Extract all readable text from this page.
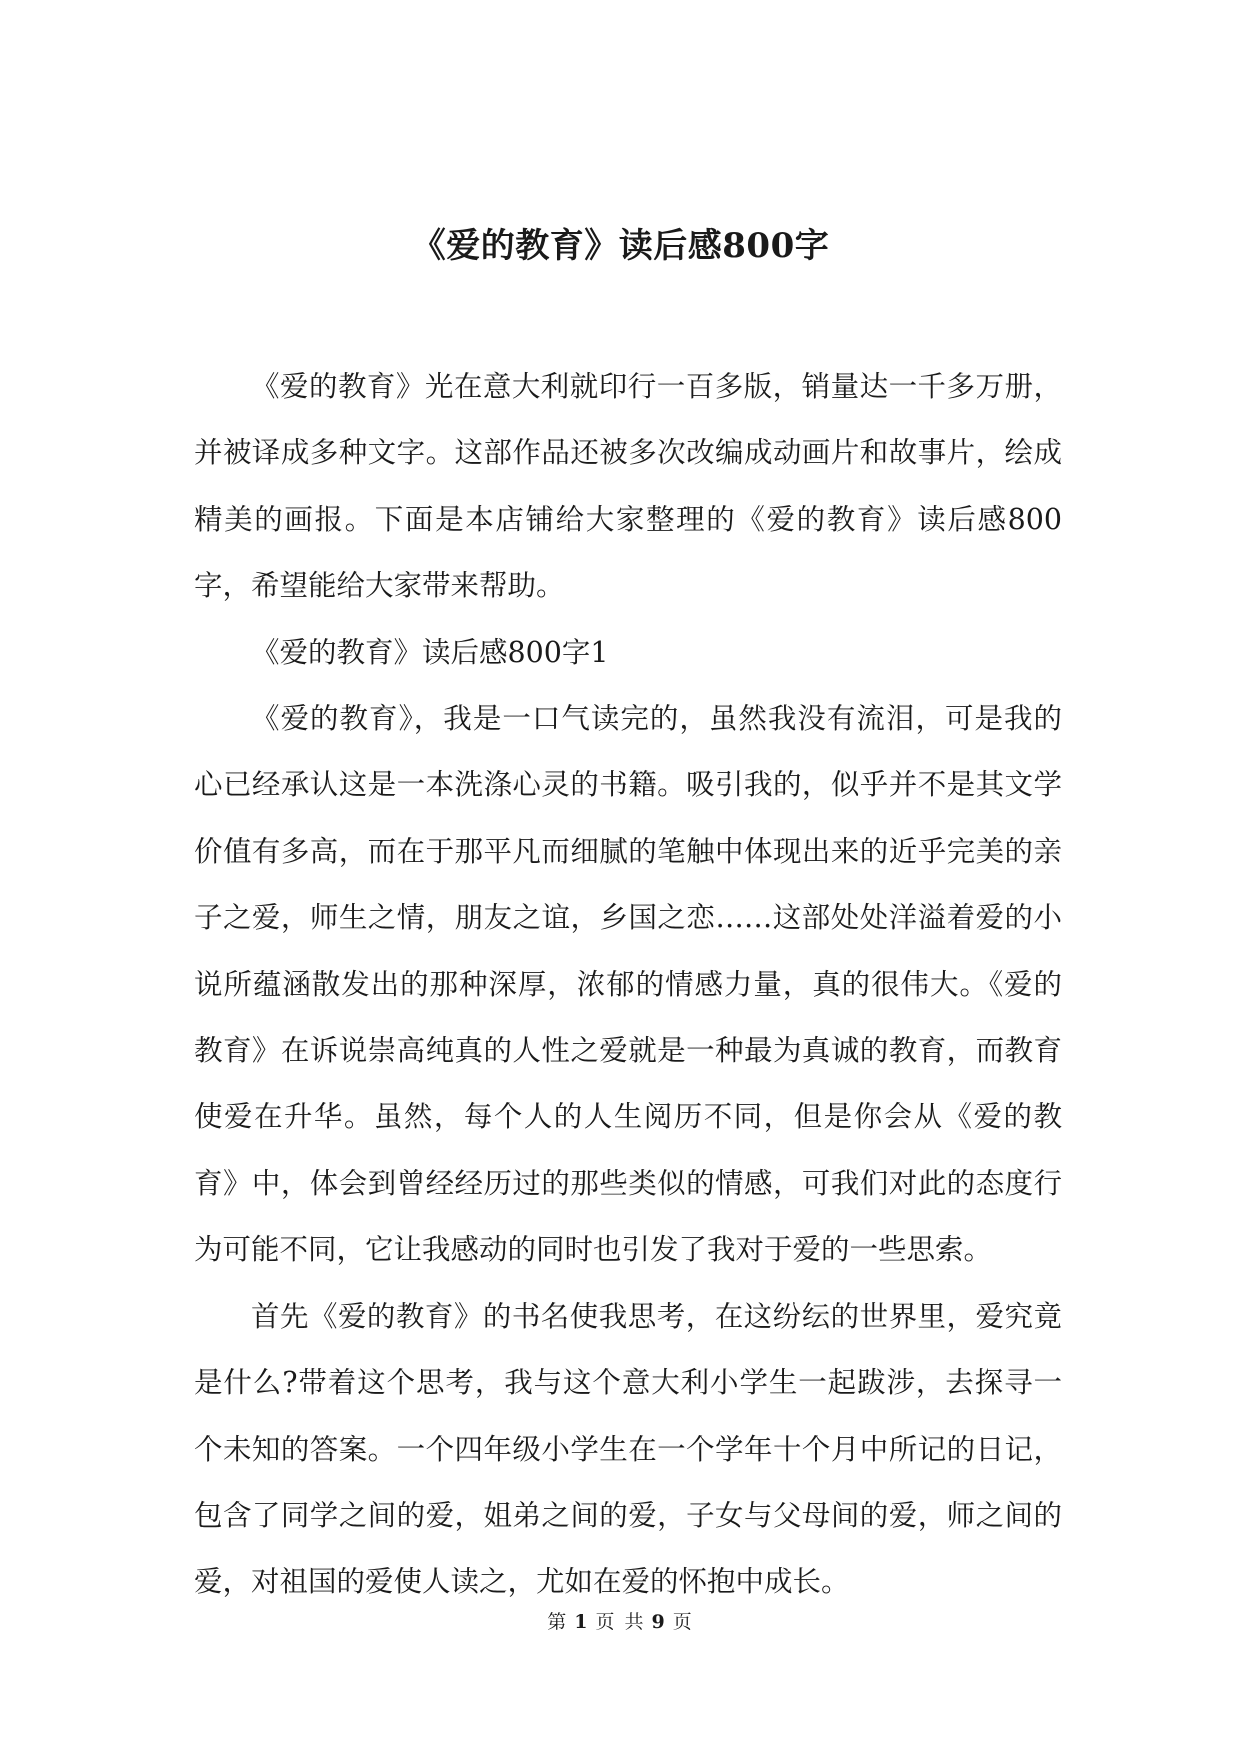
《爱的教育》读后感800字

《爱的教育》光在意大利就印行一百多版，销量达一千多万册，并被译成多种文字。这部作品还被多次改编成动画片和故事片，绘成精美的画报。下面是本店铺给大家整理的《爱的教育》读后感800字，希望能给大家带来帮助。

《爱的教育》读后感800字1

《爱的教育》，我是一口气读完的，虽然我没有流泪，可是我的心已经承认这是一本洗涤心灵的书籍。吸引我的，似乎并不是其文学价值有多高，而在于那平凡而细腻的笔触中体现出来的近乎完美的亲子之爱，师生之情，朋友之谊，乡国之恋……这部处处洋溢着爱的小说所蕴涵散发出的那种深厚，浓郁的情感力量，真的很伟大。《爱的教育》在诉说崇高纯真的人性之爱就是一种最为真诚的教育，而教育使爱在升华。虽然，每个人的人生阅历不同，但是你会从《爱的教育》中，体会到曾经经历过的那些类似的情感，可我们对此的态度行为可能不同，它让我感动的同时也引发了我对于爱的一些思索。

首先《爱的教育》的书名使我思考，在这纷纭的世界里，爱究竟是什么?带着这个思考，我与这个意大利小学生一起跋涉，去探寻一个未知的答案。一个四年级小学生在一个学年十个月中所记的日记，包含了同学之间的爱，姐弟之间的爱，子女与父母间的爱，师之间的爱，对祖国的爱使人读之，尤如在爱的怀抱中成长。

第 1 页 共 9 页
